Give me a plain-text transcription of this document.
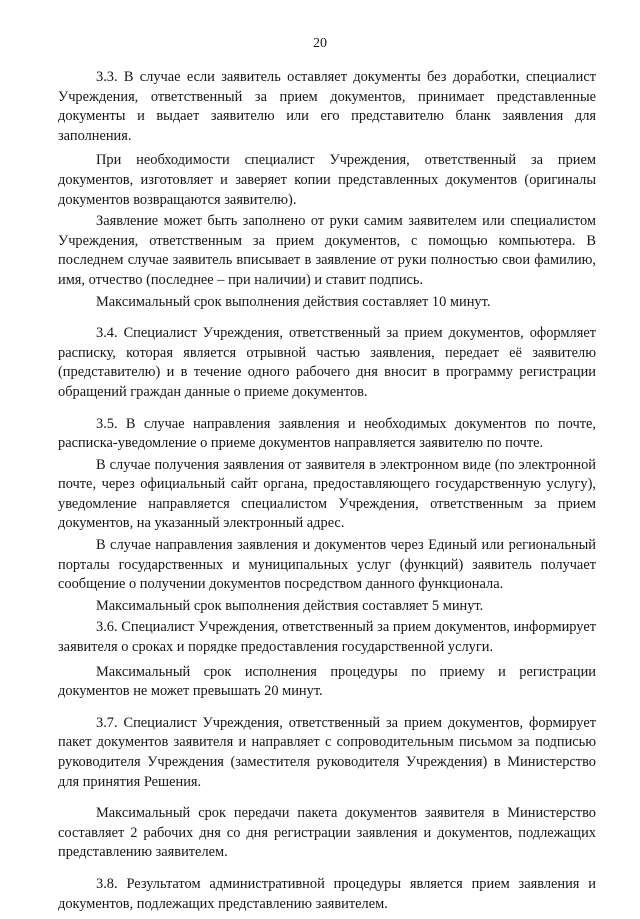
20

3.3. В случае если заявитель оставляет документы без доработки, специалист Учреждения, ответственный за прием документов, принимает представленные документы и выдает заявителю или его представителю бланк заявления для заполнения.

При необходимости специалист Учреждения, ответственный за прием документов, изготовляет и заверяет копии представленных документов (оригиналы документов возвращаются заявителю).

Заявление может быть заполнено от руки самим заявителем или специалистом Учреждения, ответственным за прием документов, с помощью компьютера. В последнем случае заявитель вписывает в заявление от руки полностью свои фамилию, имя, отчество (последнее – при наличии) и ставит подпись.

Максимальный срок выполнения действия составляет 10 минут.

3.4. Специалист Учреждения, ответственный за прием документов, оформляет расписку, которая является отрывной частью заявления, передает её заявителю (представителю) и в течение одного рабочего дня вносит в программу регистрации обращений граждан данные о приеме документов.

3.5. В случае направления заявления и необходимых документов по почте, расписка-уведомление о приеме документов направляется заявителю по почте.

В случае получения заявления от заявителя в электронном виде (по электронной почте, через официальный сайт органа, предоставляющего государственную услугу), уведомление направляется специалистом Учреждения, ответственным за прием документов, на указанный электронный адрес.

В случае направления заявления и документов через Единый или региональный порталы государственных и муниципальных услуг (функций) заявитель получает сообщение о получении документов посредством данного функционала.

Максимальный срок выполнения действия составляет 5 минут.

3.6. Специалист Учреждения, ответственный за прием документов, информирует заявителя о сроках и порядке предоставления государственной услуги.

Максимальный срок исполнения процедуры по приему и регистрации документов не может превышать 20 минут.

3.7. Специалист Учреждения, ответственный за прием документов, формирует пакет документов заявителя и направляет с сопроводительным письмом за подписью руководителя Учреждения (заместителя руководителя Учреждения) в Министерство для принятия Решения.

Максимальный срок передачи пакета документов заявителя в Министерство составляет 2 рабочих дня со дня регистрации заявления и документов, подлежащих представлению заявителем.

3.8. Результатом административной процедуры является прием заявления и документов, подлежащих представлению заявителем.
